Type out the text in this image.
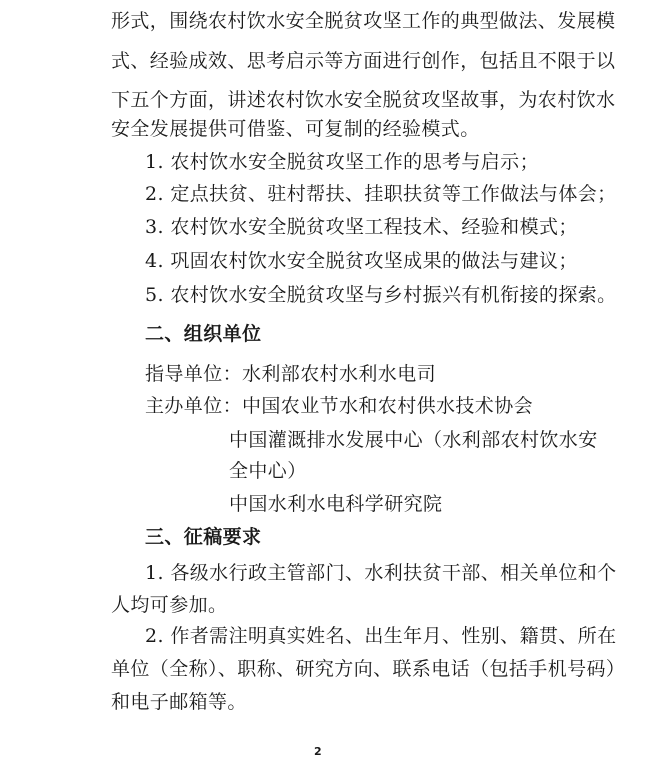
形式，围绕农村饮水安全脱贫攻坚工作的典型做法、发展模
式、经验成效、思考启示等方面进行创作，包括且不限于以
下五个方面，讲述农村饮水安全脱贫攻坚故事，为农村饮水
安全发展提供可借鉴、可复制的经验模式。
1. 农村饮水安全脱贫攻坚工作的思考与启示；
2. 定点扶贫、驻村帮扶、挂职扶贫等工作做法与体会；
3. 农村饮水安全脱贫攻坚工程技术、经验和模式；
4. 巩固农村饮水安全脱贫攻坚成果的做法与建议；
5. 农村饮水安全脱贫攻坚与乡村振兴有机衔接的探索。
二、组织单位
指导单位：水利部农村水利水电司
主办单位：中国农业节水和农村供水技术协会
中国灌溉排水发展中心（水利部农村饮水安
全中心）
中国水利水电科学研究院
三、征稿要求
1. 各级水行政主管部门、水利扶贫干部、相关单位和个
人均可参加。
2. 作者需注明真实姓名、出生年月、性别、籍贯、所在
单位（全称）、职称、研究方向、联系电话（包括手机号码）
和电子邮箱等。
2
